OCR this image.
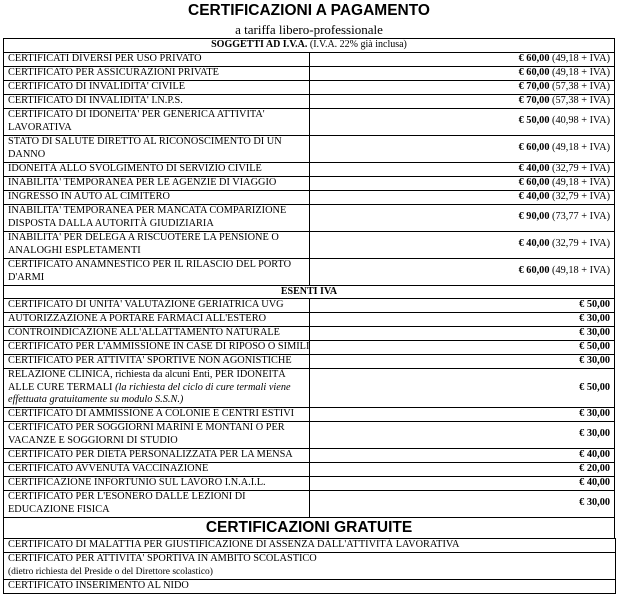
CERTIFICAZIONI A PAGAMENTO
a tariffa libero-professionale
SOGGETTI AD I.V.A. (I.V.A. 22% già inclusa)	
CERTIFICATI DIVERSI PER USO PRIVATO	€ 60,00 (49,18 + IVA)
CERTIFICATO PER ASSICURAZIONI PRIVATE	€ 60,00 (49,18 + IVA)
CERTIFICATO DI INVALIDITA' CIVILE	€ 70,00 (57,38 + IVA)
CERTIFICATO DI INVALIDITA' I.N.P.S.	€ 70,00 (57,38 + IVA)
CERTIFICATO DI IDONEITA' PER GENERICA ATTIVITA' LAVORATIVA	€ 50,00 (40,98 + IVA)
STATO DI SALUTE DIRETTO AL RICONOSCIMENTO DI UN DANNO	€ 60,00 (49,18 + IVA)
IDONEITÀ ALLO SVOLGIMENTO DI SERVIZIO CIVILE	€ 40,00 (32,79 + IVA)
INABILITA' TEMPORANEA PER LE AGENZIE DI VIAGGIO	€ 60,00 (49,18 + IVA)
INGRESSO IN AUTO AL CIMITERO	€ 40,00 (32,79 + IVA)
INABILITA' TEMPORANEA PER MANCATA COMPARIZIONE DISPOSTA DALLA AUTORITÀ GIUDIZIARIA	€ 90,00 (73,77 + IVA)
INABILITA' PER DELEGA A RISCUOTERE LA PENSIONE O ANALOGHI ESPLETAMENTI	€ 40,00 (32,79 + IVA)
CERTIFICATO ANAMNESTICO PER IL RILASCIO DEL PORTO D'ARMI	€ 60,00 (49,18 + IVA)
ESENTI IVA	
CERTIFICATO DI UNITA' VALUTAZIONE GERIATRICA UVG	€ 50,00
AUTORIZZAZIONE A PORTARE FARMACI ALL'ESTERO	€ 30,00
CONTROINDICAZIONE ALL'ALLATTAMENTO NATURALE	€ 30,00
CERTIFICATO PER L'AMMISSIONE IN CASE DI RIPOSO O SIMILI	€ 50,00
CERTIFICATO PER ATTIVITA' SPORTIVE NON AGONISTICHE	€ 30,00
RELAZIONE CLINICA, richiesta da alcuni Enti, PER IDONEITÀ ALLE CURE TERMALI (la richiesta del ciclo di cure termali viene effettuata gratuitamente su modulo S.S.N.)	€ 50,00
CERTIFICATO DI AMMISSIONE A COLONIE E CENTRI ESTIVI	€ 30,00
CERTIFICATO PER SOGGIORNI MARINI E MONTANI O PER VACANZE E SOGGIORNI DI STUDIO	€ 30,00
CERTIFICATO PER DIETA PERSONALIZZATA PER LA MENSA	€ 40,00
CERTIFICATO AVVENUTA VACCINAZIONE	€ 20,00
CERTIFICAZIONE INFORTUNIO SUL LAVORO I.N.A.I.L.	€ 40,00
CERTIFICATO PER L'ESONERO DALLE LEZIONI DI EDUCAZIONE FISICA	€ 30,00
CERTIFICAZIONI GRATUITE
CERTIFICATO DI MALATTIA PER GIUSTIFICAZIONE DI ASSENZA DALL'ATTIVITÀ LAVORATIVA

CERTIFICATO PER ATTIVITA' SPORTIVA IN AMBITO SCOLASTICO
(dietro richiesta del Preside o del Direttore scolastico)

CERTIFICATO INSERIMENTO AL NIDO
